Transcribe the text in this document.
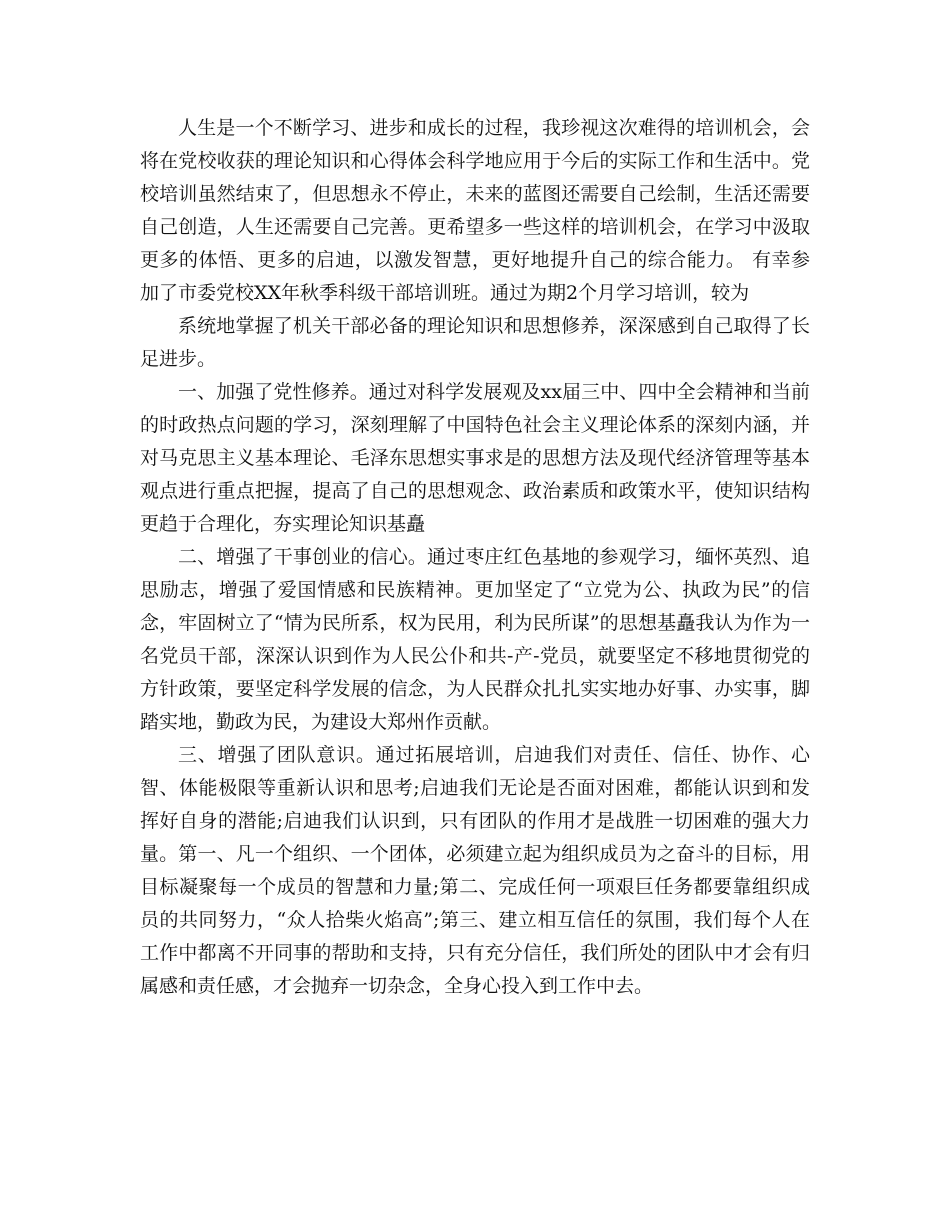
人生是一个不断学习、进步和成长的过程，我珍视这次难得的培训机会，会将在党校收获的理论知识和心得体会科学地应用于今后的实际工作和生活中。党校培训虽然结束了，但思想永不停止，未来的蓝图还需要自己绘制，生活还需要自己创造，人生还需要自己完善。更希望多一些这样的培训机会，在学习中汲取更多的体悟、更多的启迪，以激发智慧，更好地提升自己的综合能力。 有幸参加了市委党校XX年秋季科级干部培训班。通过为期2个月学习培训，较为

系统地掌握了机关干部必备的理论知识和思想修养，深深感到自己取得了长足进步。

一、加强了党性修养。通过对科学发展观及xx届三中、四中全会精神和当前的时政热点问题的学习，深刻理解了中国特色社会主义理论体系的深刻内涵，并对马克思主义基本理论、毛泽东思想实事求是的思想方法及现代经济管理等基本观点进行重点把握，提高了自己的思想观念、政治素质和政策水平，使知识结构更趋于合理化，夯实理论知识基矗

二、增强了干事创业的信心。通过枣庄红色基地的参观学习，缅怀英烈、追思励志，增强了爱国情感和民族精神。更加坚定了“立党为公、执政为民”的信念，牢固树立了“情为民所系，权为民用，利为民所谋”的思想基矗我认为作为一名党员干部，深深认识到作为人民公仆和共-产-党员，就要坚定不移地贯彻党的方针政策，要坚定科学发展的信念，为人民群众扎扎实实地办好事、办实事，脚踏实地，勤政为民，为建设大郑州作贡献。

三、增强了团队意识。通过拓展培训，启迪我们对责任、信任、协作、心智、体能极限等重新认识和思考;启迪我们无论是否面对困难，都能认识到和发挥好自身的潜能;启迪我们认识到，只有团队的作用才是战胜一切困难的强大力量。第一、凡一个组织、一个团体，必须建立起为组织成员为之奋斗的目标，用目标凝聚每一个成员的智慧和力量;第二、完成任何一项艰巨任务都要靠组织成员的共同努力，“众人拾柴火焰高”;第三、建立相互信任的氛围，我们每个人在工作中都离不开同事的帮助和支持，只有充分信任，我们所处的团队中才会有归属感和责任感，才会抛弃一切杂念，全身心投入到工作中去。
